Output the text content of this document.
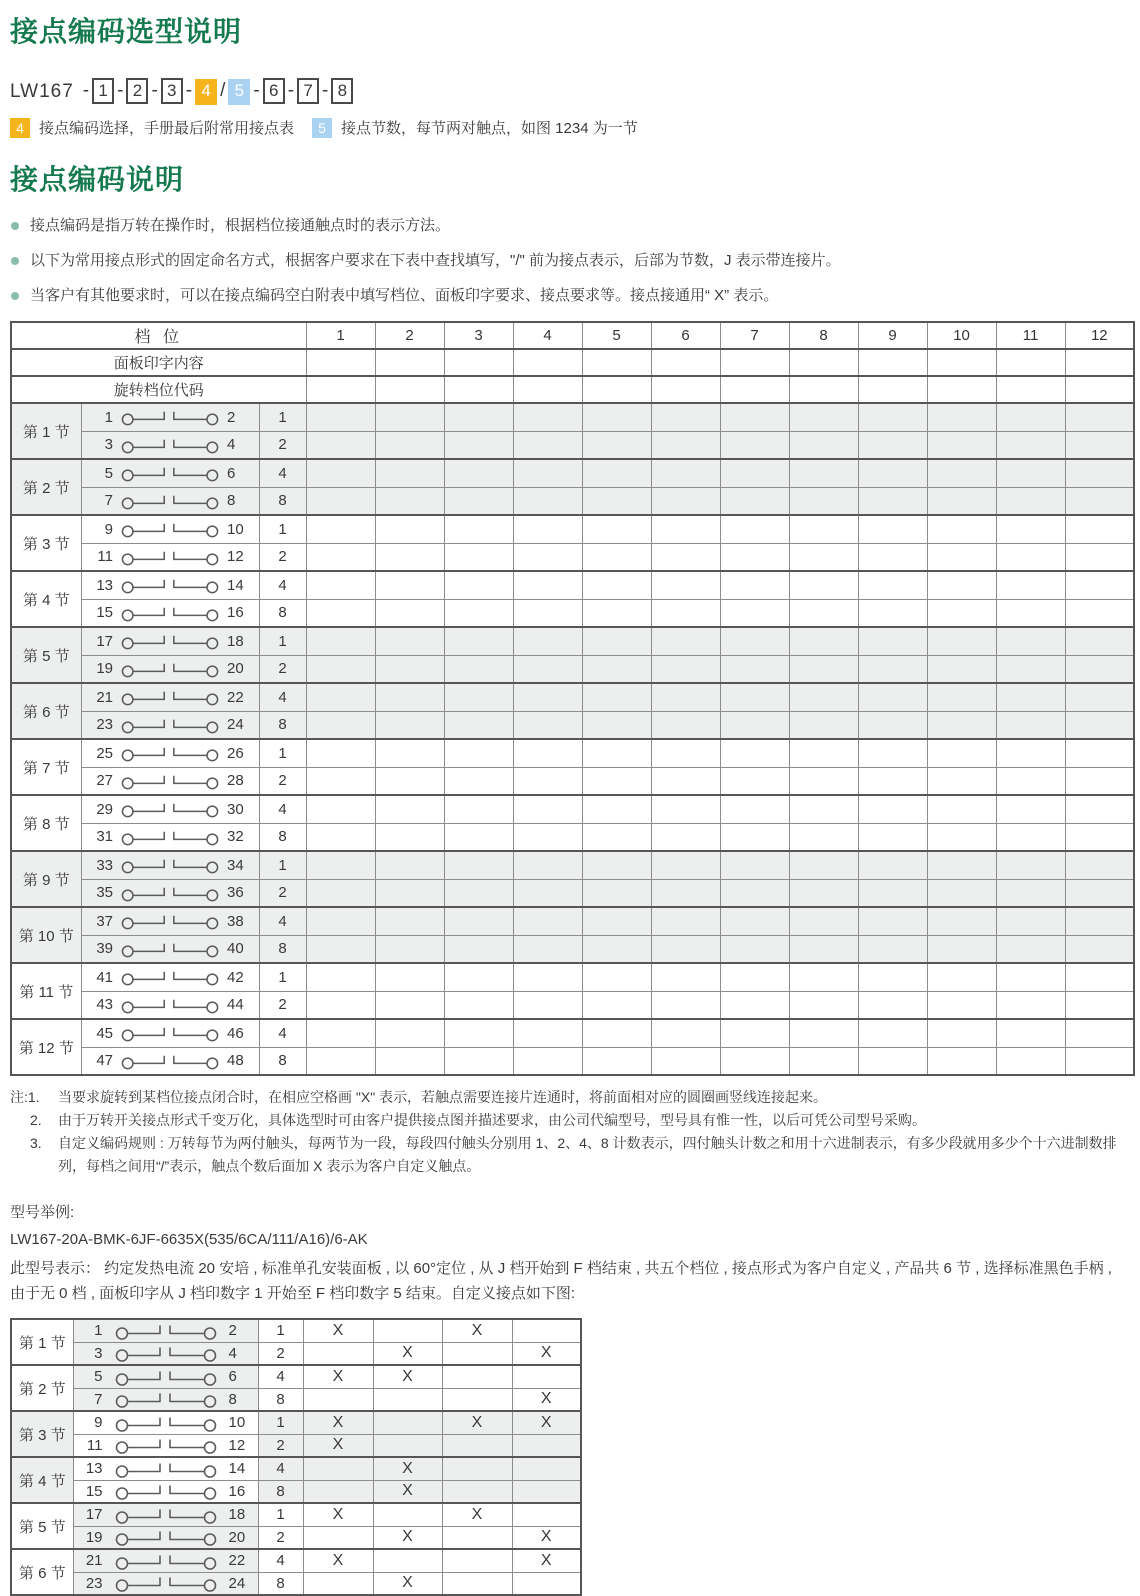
接点编码选型说明
LW167 - 1 - 2 - 3 - 4 / 5 - 6 - 7 - 8
4	接点编码选择，手册最后附常用接点表	5	接点节数，每节两对触点，如图 1234 为一节
接点编码说明
接点编码是指万转在操作时，根据档位接通触点时的表示方法。
以下为常用接点形式的固定命名方式，根据客户要求在下表中查找填写，"/" 前为接点表示，后部为节数，J 表示带连接片。
当客户有其他要求时，可以在接点编码空白附表中填写档位、面板印字要求、接点要求等。接点接通用“ X” 表示。
档 位			1	2	3	4	5	6	7	8	9	10	11	12
面板印字内容														
旋转档位代码														
第 1 节	1 2	1												

	3 4	2												
第 2 节	5 6	4												

	7 8	8												
第 3 节	9 10	1												

	11 12	2												
第 4 节	13 14	4												

	15 16	8												
第 5 节	17 18	1												

	19 20	2												
第 6 节	21 22	4												

	23 24	8												
第 7 节	25 26	1												

	27 28	2												
第 8 节	29 30	4												

	31 32	8												
第 9 节	33 34	1												

	35 36	2												
第 10 节	37 38	4												

	39 40	8												
第 11 节	41 42	1												

	43 44	2												
第 12 节	45 46	4												

	47 48	8												
注:1.	当要求旋转到某档位接点闭合时，在相应空格画 "X" 表示，若触点需要连接片连通时，将前面相对应的圆圈画竖线连接起来。
2.	由于万转开关接点形式千变万化，具体选型时可由客户提供接点图并描述要求，由公司代编型号，型号具有惟一性，以后可凭公司型号采购。
3.	自定义编码规则 : 万转每节为两付触头，每两节为一段，每段四付触头分别用 1、2、4、8 计数表示，四付触头计数之和用十六进制表示，有多少段就用多少个十六进制数排列，每档之间用“/”表示，触点个数后面加 X 表示为客户自定义触点。
型号举例:
LW167-20A-BMK-6JF-6635X(535/6CA/111/A16)/6-AK
此型号表示： 约定发热电流 20 安培 , 标准单孔安装面板 , 以 60°定位 , 从 J 档开始到 F 档结束 , 共五个档位 , 接点形式为客户自定义 , 产品共 6 节 , 选择标准黑色手柄 , 由于无 0 档 , 面板印字从 J 档印数字 1 开始至 F 档印数字 5 结束。自定义接点如下图:
第 1 节	1 2	1	X		X	

	3 4	2		X		X
第 2 节	5 6	4	X	X		

	7 8	8				X
第 3 节	9 10	1	X		X	X

	11 12	2	X			
第 4 节	13 14	4		X		

	15 16	8		X		
第 5 节	17 18	1	X		X	

	19 20	2		X		X
第 6 节	21 22	4	X			X

	23 24	8		X		
